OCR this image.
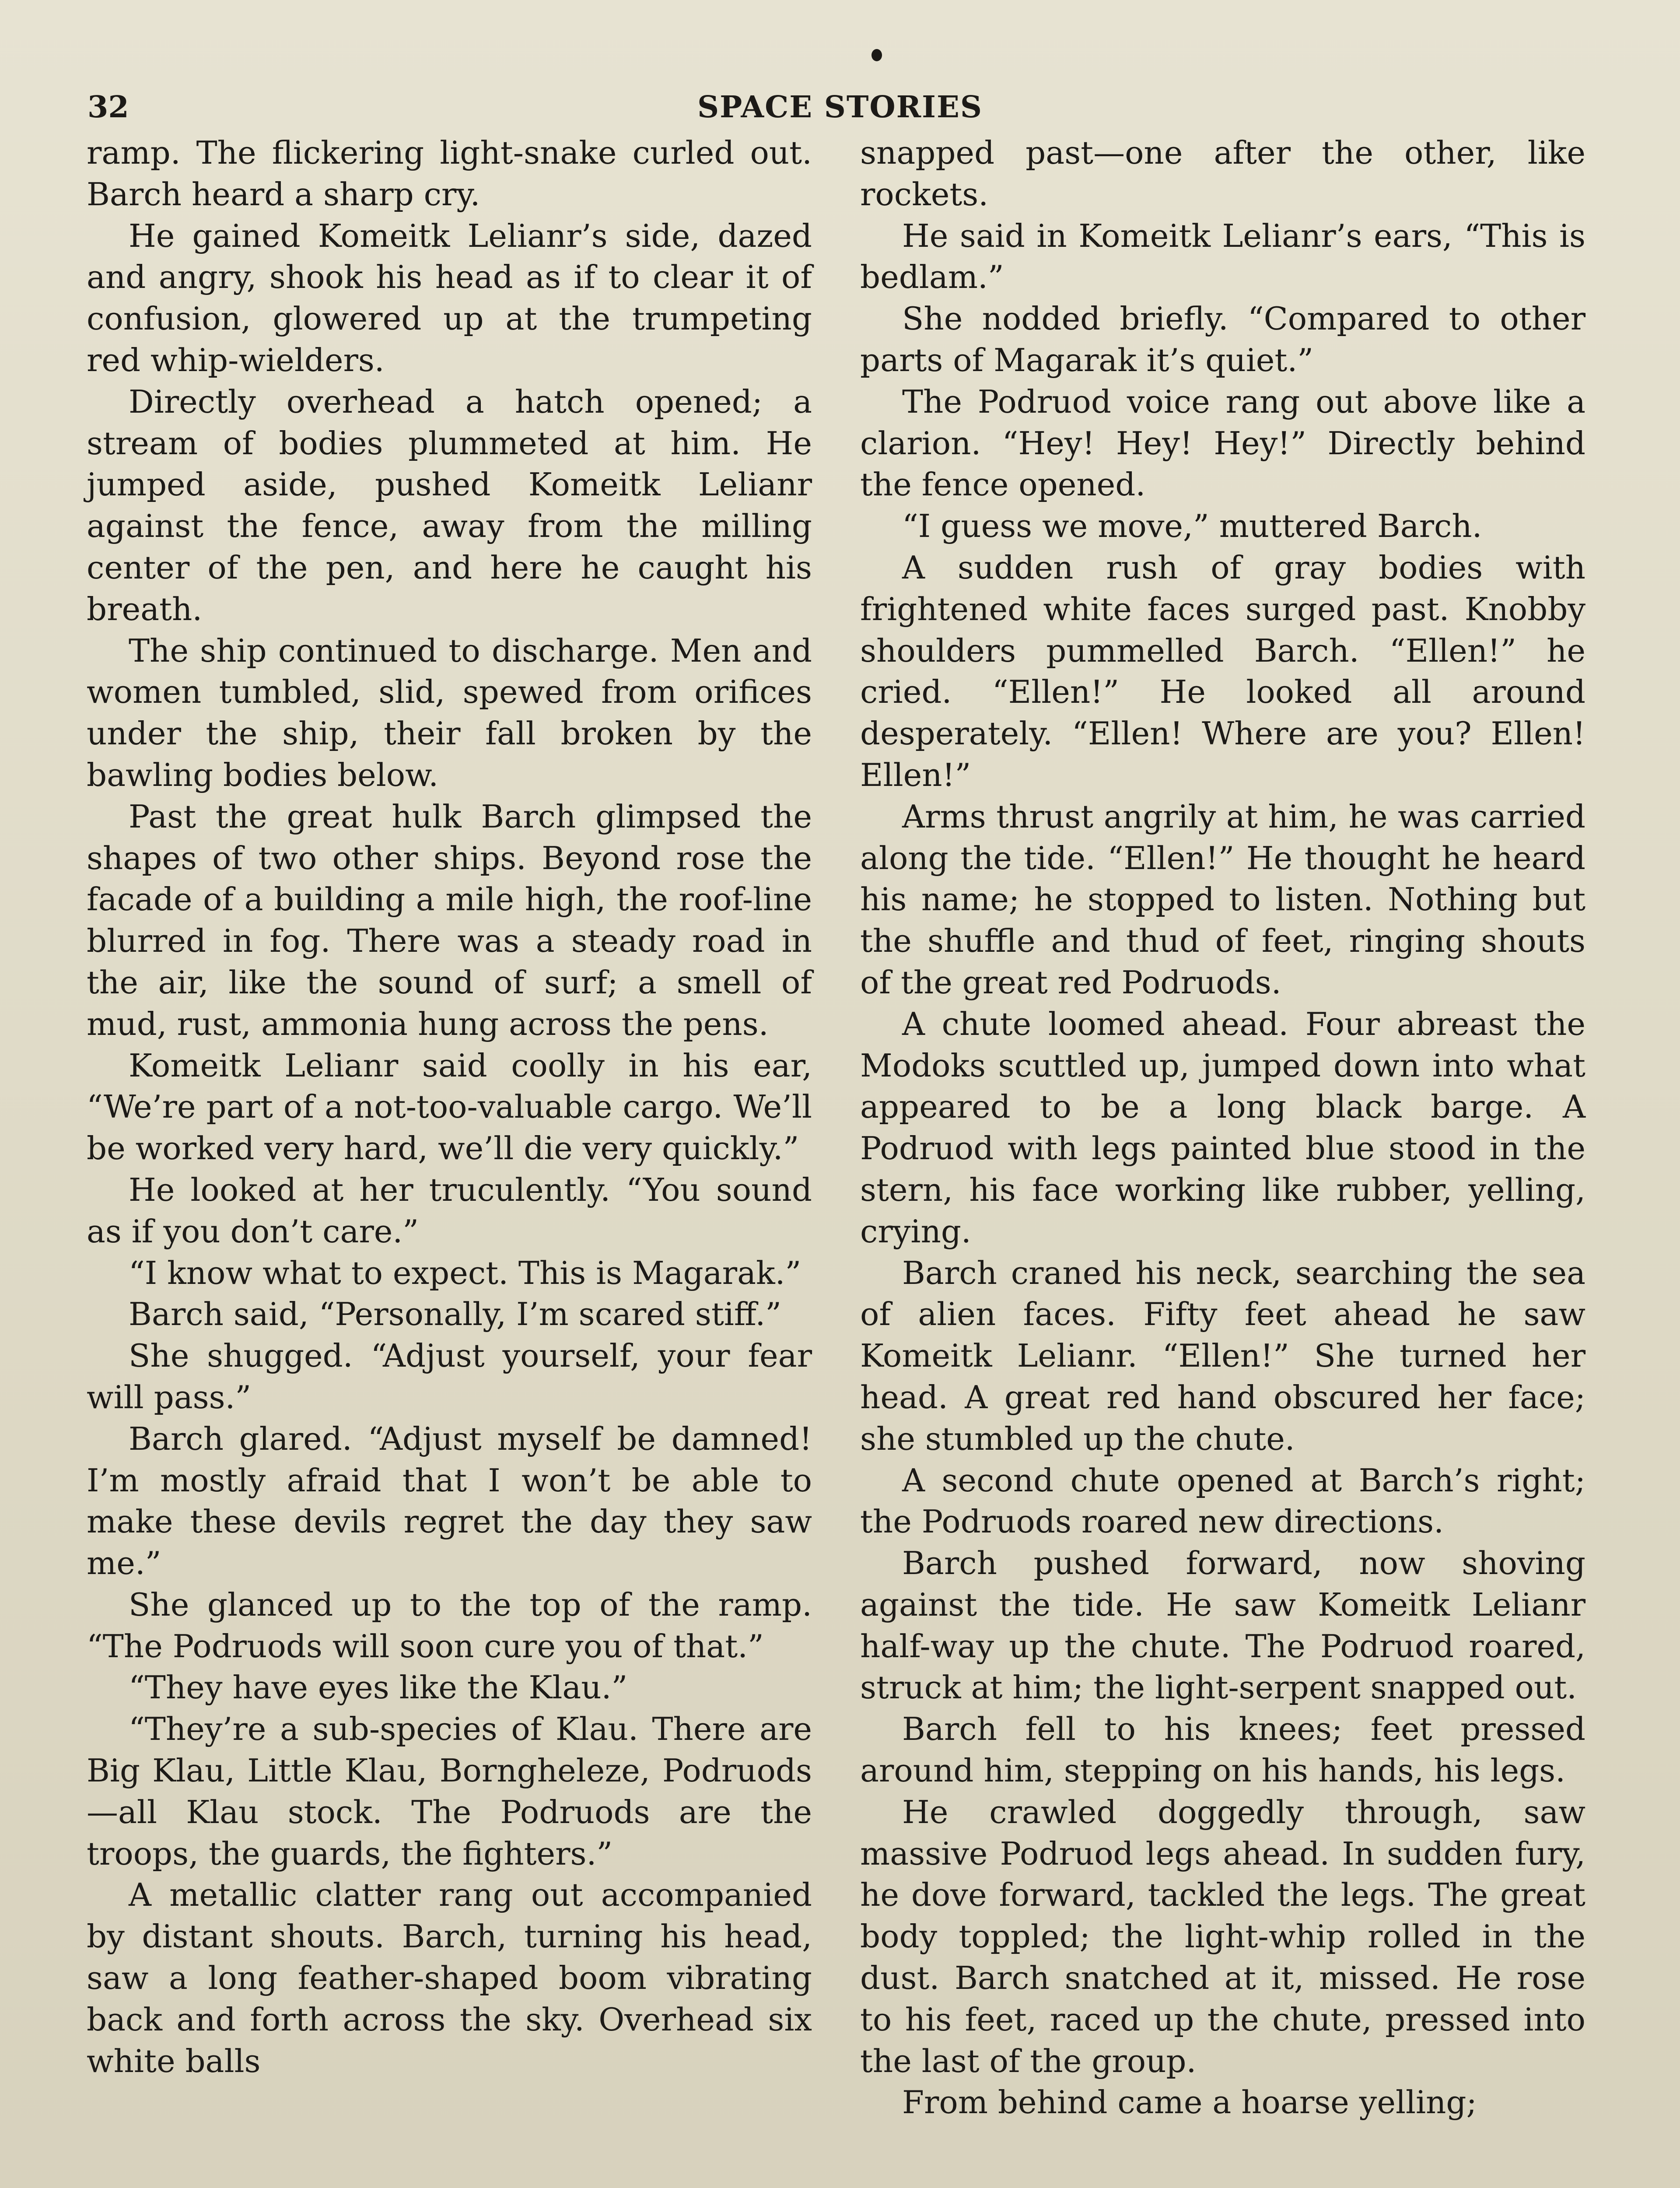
32	SPACE STORIES

ramp. The flickering light-snake curled out. Barch heard a sharp cry.

He gained Komeitk Lelianr’s side, dazed and angry, shook his head as if to clear it of confusion, glowered up at the trumpeting red whip-wielders.

Directly overhead a hatch opened; a stream of bodies plummeted at him. He jumped aside, pushed Komeitk Lelianr against the fence, away from the milling center of the pen, and here he caught his breath.

The ship continued to discharge. Men and women tumbled, slid, spewed from orifices under the ship, their fall broken by the bawling bodies below.

Past the great hulk Barch glimpsed the shapes of two other ships. Beyond rose the facade of a building a mile high, the roof-line blurred in fog. There was a steady road in the air, like the sound of surf; a smell of mud, rust, ammonia hung across the pens.

Komeitk Lelianr said coolly in his ear, “We’re part of a not-too-valuable cargo. We’ll be worked very hard, we’ll die very quickly.”

He looked at her truculently. “You sound as if you don’t care.”

“I know what to expect. This is Magarak.”

Barch said, “Personally, I’m scared stiff.”

She shugged. “Adjust yourself, your fear will pass.”

Barch glared. “Adjust myself be damned! I’m mostly afraid that I won’t be able to make these devils regret the day they saw me.”

She glanced up to the top of the ramp. “The Podruods will soon cure you of that.”

“They have eyes like the Klau.”

“They’re a sub-species of Klau. There are Big Klau, Little Klau, Borngheleze, Podruods—all Klau stock. The Podruods are the troops, the guards, the fighters.”

A metallic clatter rang out accompanied by distant shouts. Barch, turning his head, saw a long feather-shaped boom vibrating back and forth across the sky. Overhead six white balls

snapped past—one after the other, like rockets.

He said in Komeitk Lelianr’s ears, “This is bedlam.”

She nodded briefly. “Compared to other parts of Magarak it’s quiet.”

The Podruod voice rang out above like a clarion. “Hey! Hey! Hey!” Directly behind the fence opened.

“I guess we move,” muttered Barch.

A sudden rush of gray bodies with frightened white faces surged past. Knobby shoulders pummelled Barch. “Ellen!” he cried. “Ellen!” He looked all around desperately. “Ellen! Where are you? Ellen! Ellen!”

Arms thrust angrily at him, he was carried along the tide. “Ellen!” He thought he heard his name; he stopped to listen. Nothing but the shuffle and thud of feet, ringing shouts of the great red Podruods.

A chute loomed ahead. Four abreast the Modoks scuttled up, jumped down into what appeared to be a long black barge. A Podruod with legs painted blue stood in the stern, his face working like rubber, yelling, crying.

Barch craned his neck, searching the sea of alien faces. Fifty feet ahead he saw Komeitk Lelianr. “Ellen!” She turned her head. A great red hand obscured her face; she stumbled up the chute.

A second chute opened at Barch’s right; the Podruods roared new directions.

Barch pushed forward, now shoving against the tide. He saw Komeitk Lelianr half-way up the chute. The Podruod roared, struck at him; the light-serpent snapped out.

Barch fell to his knees; feet pressed around him, stepping on his hands, his legs.

He crawled doggedly through, saw massive Podruod legs ahead. In sudden fury, he dove forward, tackled the legs. The great body toppled; the light-whip rolled in the dust. Barch snatched at it, missed. He rose to his feet, raced up the chute, pressed into the last of the group.

From behind came a hoarse yelling;
